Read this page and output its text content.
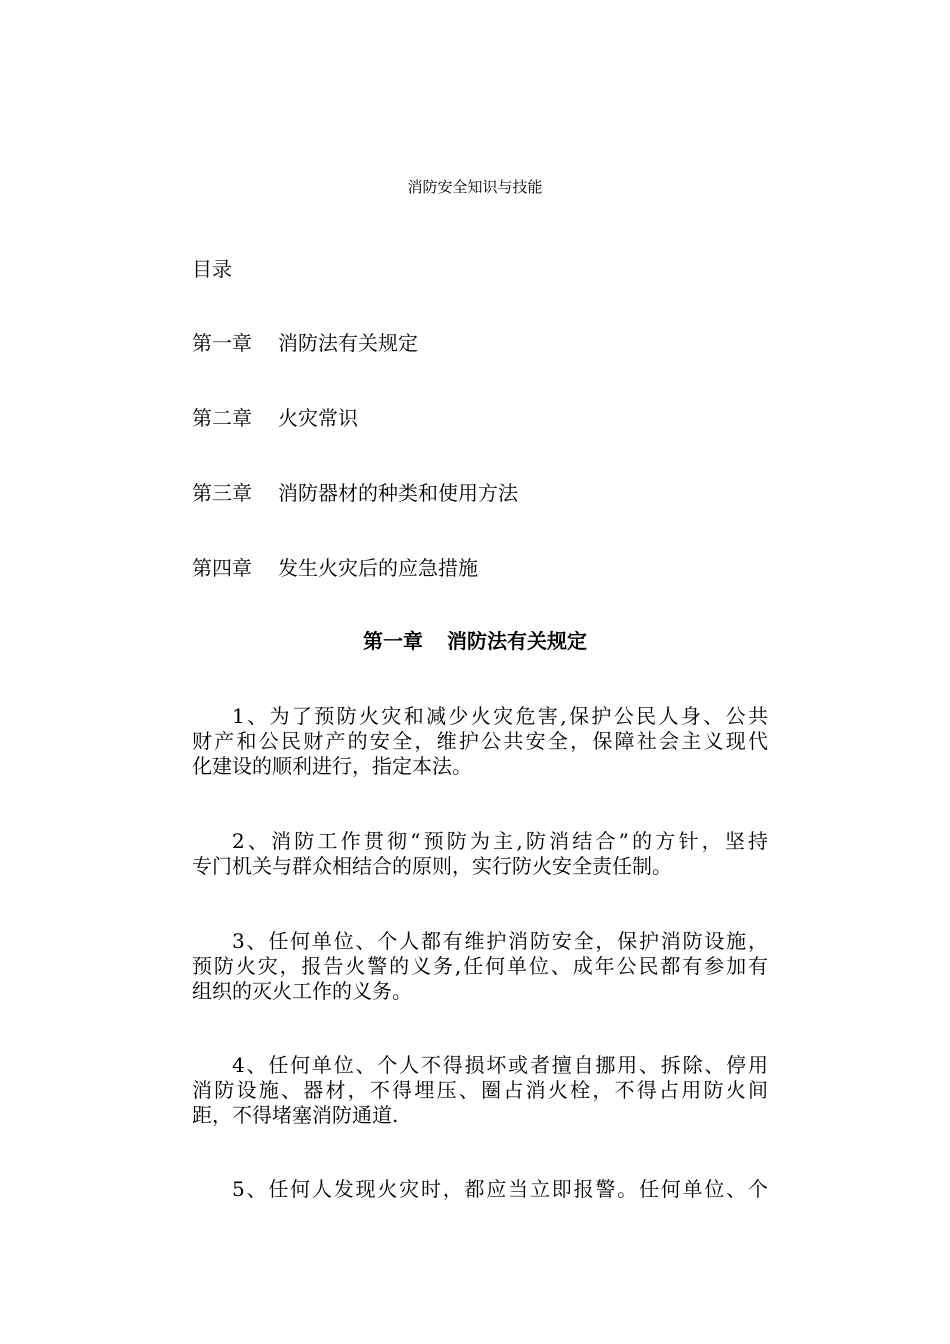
消防安全知识与技能
目录
第一章 消防法有关规定
第二章 火灾常识
第三章 消防器材的种类和使用方法
第四章 发生火灾后的应急措施
第一章 消防法有关规定
1、为了预防火灾和减少火灾危害,保护公民人身、公共
财产和公民财产的安全，维护公共安全，保障社会主义现代
化建设的顺利进行，指定本法。
2、消防工作贯彻“预防为主,防消结合”的方针，坚持
专门机关与群众相结合的原则，实行防火安全责任制。
3、任何单位、个人都有维护消防安全，保护消防设施，
预防火灾，报告火警的义务,任何单位、成年公民都有参加有
组织的灭火工作的义务。
4、任何单位、个人不得损坏或者擅自挪用、拆除、停用
消防设施、器材，不得埋压、圈占消火栓，不得占用防火间
距，不得堵塞消防通道.
5、任何人发现火灾时，都应当立即报警。任何单位、个
